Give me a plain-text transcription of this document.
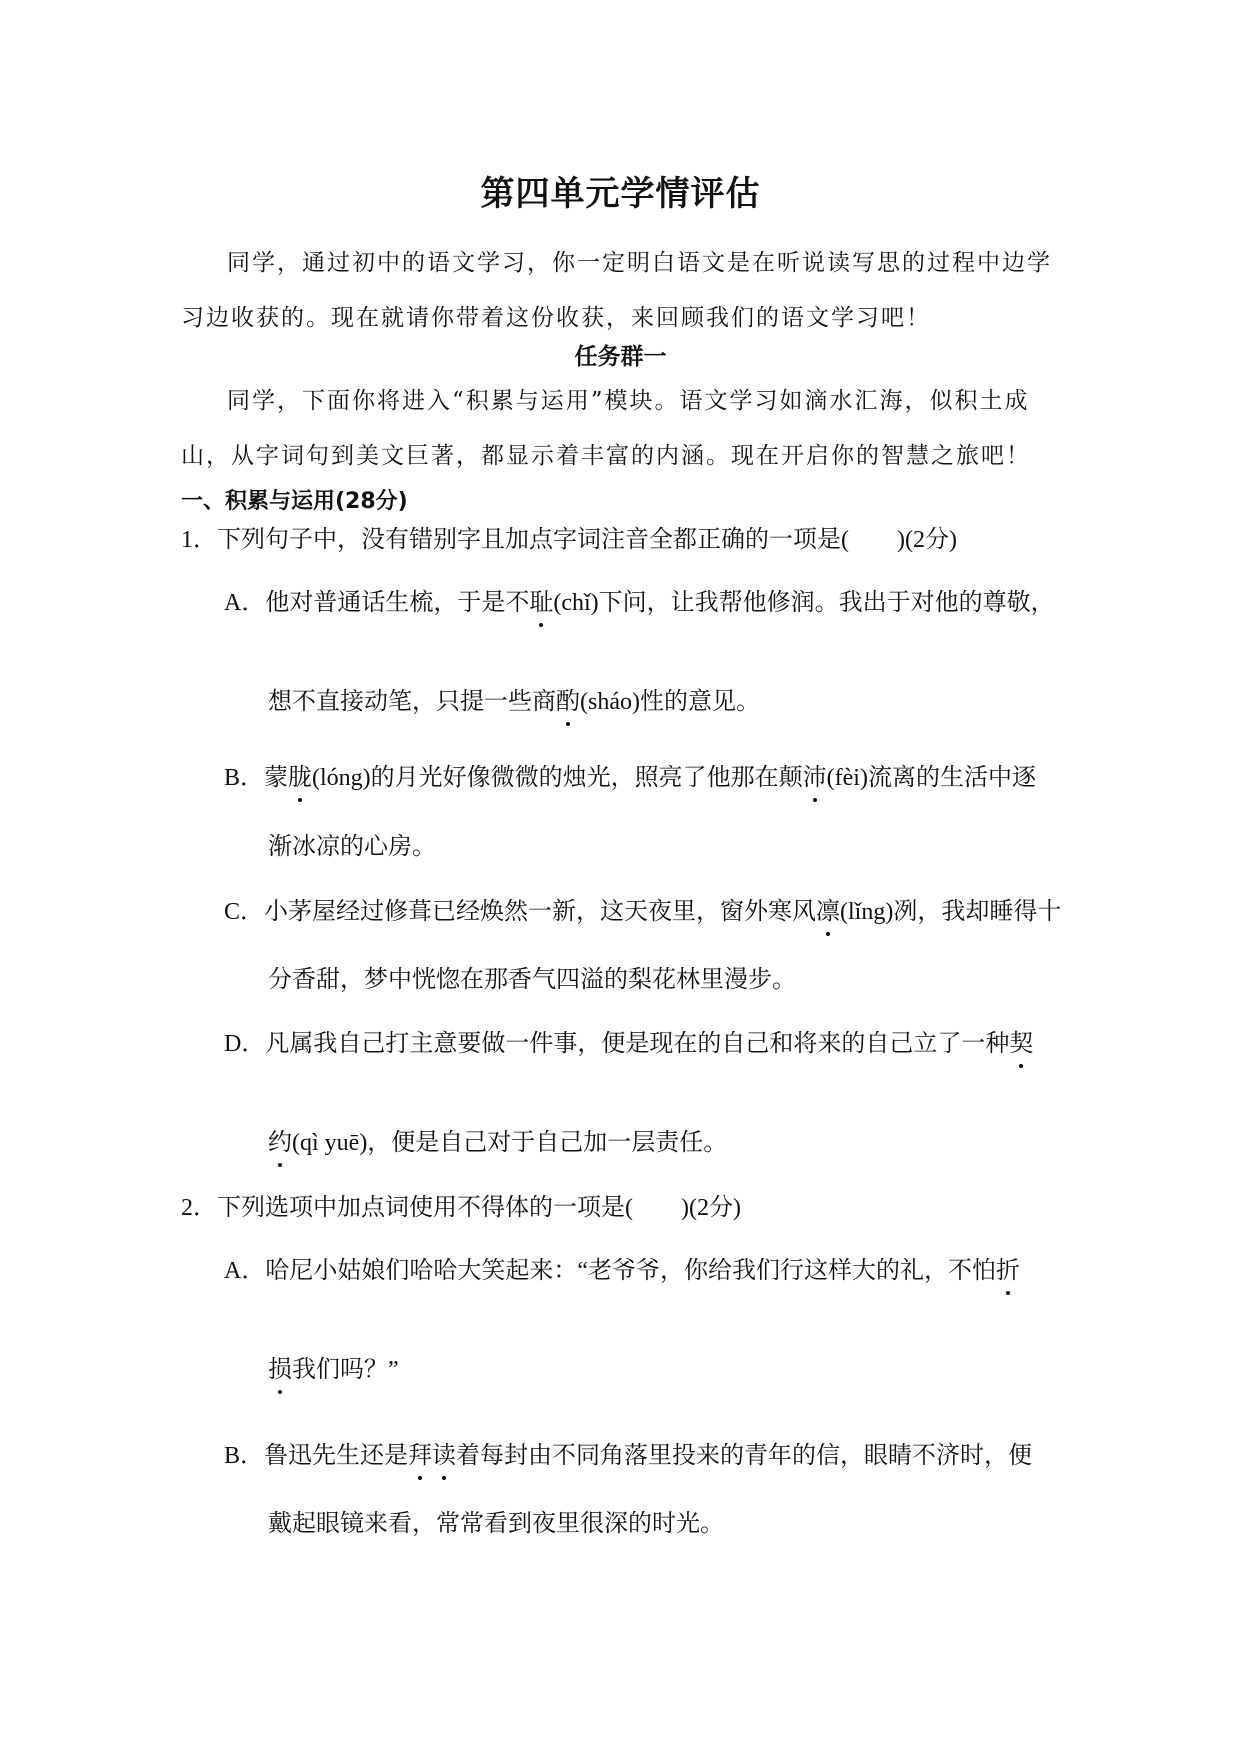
第四单元学情评估
同学，通过初中的语文学习，你一定明白语文是在听说读写思的过程中边学习边收获的。现在就请你带着这份收获，来回顾我们的语文学习吧！
任务群一
同学，下面你将进入“积累与运用”模块。语文学习如滴水汇海，似积土成山，从字词句到美文巨著，都显示着丰富的内涵。现在开启你的智慧之旅吧！
一、积累与运用(28分)
1．下列句子中，没有错别字且加点字词注音全都正确的一项是(　　)(2分)
A．他对普通话生梳，于是不耻(chǐ)下问，让我帮他修润。我出于对他的尊敬，
想不直接动笔，只提一些商酌(sháo)性的意见。
B．蒙胧(lóng)的月光好像微微的烛光，照亮了他那在颠沛(fèi)流离的生活中逐
渐冰凉的心房。
C．小茅屋经过修葺已经焕然一新，这天夜里，窗外寒风凛(lǐng)冽，我却睡得十
分香甜，梦中恍惚在那香气四溢的梨花林里漫步。
D．凡属我自己打主意要做一件事，便是现在的自己和将来的自己立了一种契
约(qì yuē)，便是自己对于自己加一层责任。
2．下列选项中加点词使用不得体的一项是(　　)(2分)
A．哈尼小姑娘们哈哈大笑起来：“老爷爷，你给我们行这样大的礼，不怕折
损我们吗？”
B．鲁迅先生还是拜读着每封由不同角落里投来的青年的信，眼睛不济时，便
戴起眼镜来看，常常看到夜里很深的时光。
